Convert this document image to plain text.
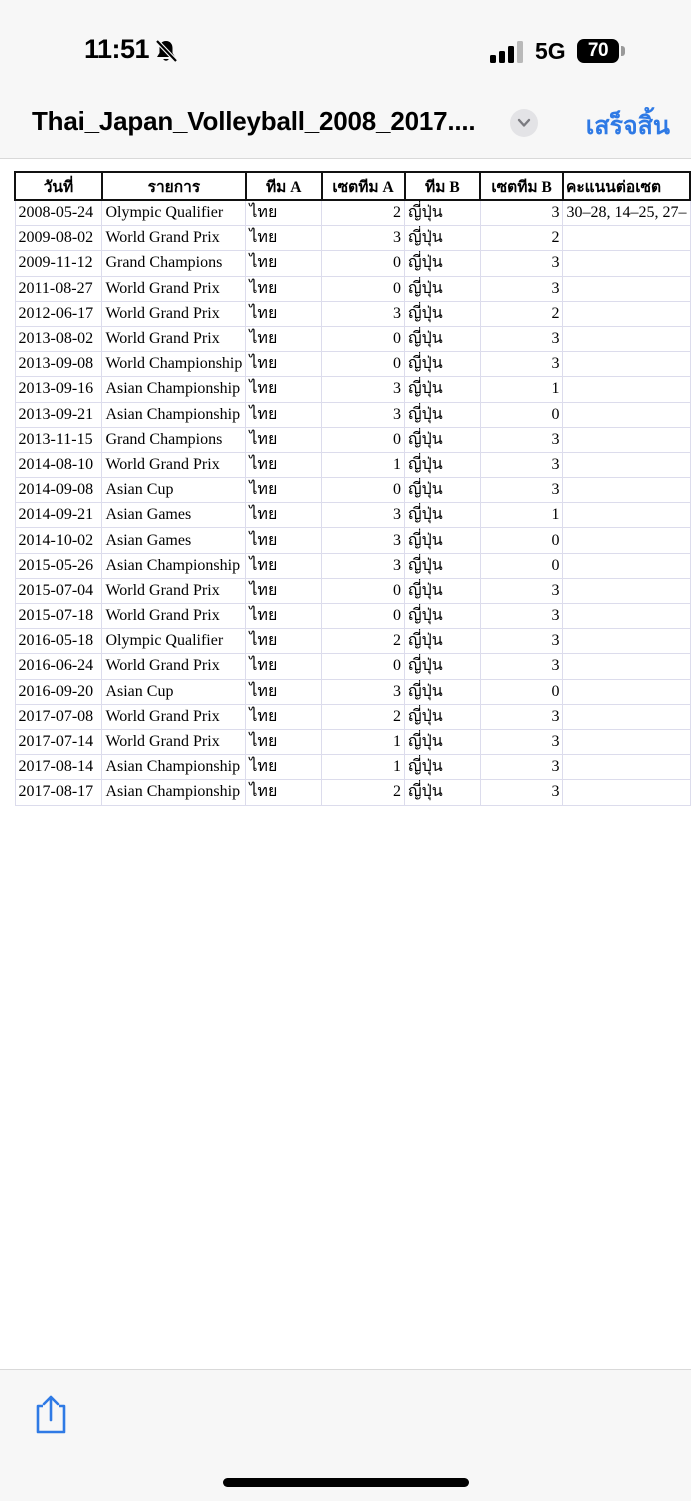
11:51	5G	70
Thai_Japan_Volleyball_2008_2017....	เสร็จสิ้น
วันที่	รายการ	ทีม A	เซตทีม A	ทีม B	เซตทีม B	คะแนนต่อเซต
2008-05-24	Olympic Qualifier	ไทย	2	ญี่ปุ่น	3	30–28, 14–25, 27–
2009-08-02	World Grand Prix	ไทย	3	ญี่ปุ่น	2	
2009-11-12	Grand Champions	ไทย	0	ญี่ปุ่น	3	
2011-08-27	World Grand Prix	ไทย	0	ญี่ปุ่น	3	
2012-06-17	World Grand Prix	ไทย	3	ญี่ปุ่น	2	
2013-08-02	World Grand Prix	ไทย	0	ญี่ปุ่น	3	
2013-09-08	World Championship	ไทย	0	ญี่ปุ่น	3	
2013-09-16	Asian Championship	ไทย	3	ญี่ปุ่น	1	
2013-09-21	Asian Championship	ไทย	3	ญี่ปุ่น	0	
2013-11-15	Grand Champions	ไทย	0	ญี่ปุ่น	3	
2014-08-10	World Grand Prix	ไทย	1	ญี่ปุ่น	3	
2014-09-08	Asian Cup	ไทย	0	ญี่ปุ่น	3	
2014-09-21	Asian Games	ไทย	3	ญี่ปุ่น	1	
2014-10-02	Asian Games	ไทย	3	ญี่ปุ่น	0	
2015-05-26	Asian Championship	ไทย	3	ญี่ปุ่น	0	
2015-07-04	World Grand Prix	ไทย	0	ญี่ปุ่น	3	
2015-07-18	World Grand Prix	ไทย	0	ญี่ปุ่น	3	
2016-05-18	Olympic Qualifier	ไทย	2	ญี่ปุ่น	3	
2016-06-24	World Grand Prix	ไทย	0	ญี่ปุ่น	3	
2016-09-20	Asian Cup	ไทย	3	ญี่ปุ่น	0	
2017-07-08	World Grand Prix	ไทย	2	ญี่ปุ่น	3	
2017-07-14	World Grand Prix	ไทย	1	ญี่ปุ่น	3	
2017-08-14	Asian Championship	ไทย	1	ญี่ปุ่น	3	
2017-08-17	Asian Championship	ไทย	2	ญี่ปุ่น	3	
